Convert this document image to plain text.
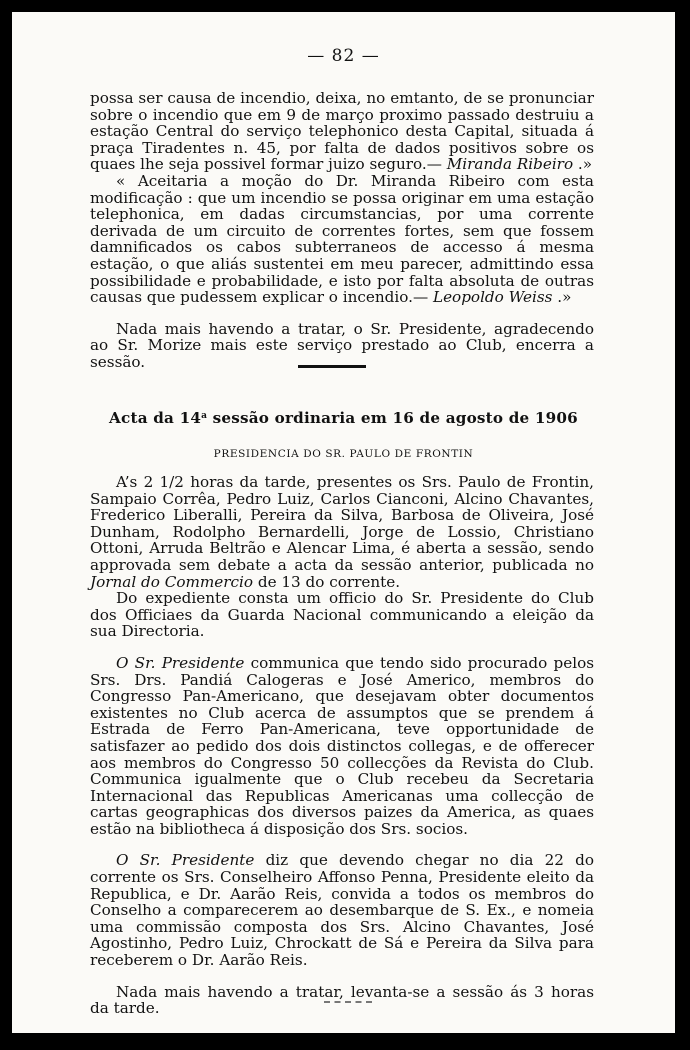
— 82 —

possa ser causa de incendio, deixa, no emtanto, de se pronunciar sobre o incendio que em 9 de março proximo passado destruiu a estação Central do serviço telephonico desta Capital, situada á praça Tiradentes n. 45, por falta de dados positivos sobre os quaes lhe seja possivel formar juizo seguro.— Miranda Ribeiro .»

« Aceitaria a moção do Dr. Miranda Ribeiro com esta modificação : que um incendio se possa originar em uma estação telephonica, em dadas circumstancias, por uma corrente derivada de um circuito de correntes fortes, sem que fossem damnificados os cabos subterraneos de accesso á mesma estação, o que aliás sustentei em meu parecer, admittindo essa possibilidade e probabilidade, e isto por falta absoluta de outras causas que pudessem explicar o incendio.— Leopoldo Weiss .»

Nada mais havendo a tratar, o Sr. Presidente, agradecendo ao Sr. Morize mais este serviço prestado ao Club, encerra a sessão.

Acta da 14$^a$ sessão ordinaria em 16 de agosto de 1906
PRESIDENCIA DO SR. PAULO DE FRONTIN

A’s 2 1/2 horas da tarde, presentes os Srs. Paulo de Frontin, Sampaio Corrêa, Pedro Luiz, Carlos Cianconi, Alcino Chavantes, Frederico Liberalli, Pereira da Silva, Barbosa de Oliveira, José Dunham, Rodolpho Bernardelli, Jorge de Lossio, Christiano Ottoni, Arruda Beltrão e Alencar Lima, é aberta a sessão, sendo approvada sem debate a acta da sessão anterior, publicada no Jornal do Commercio de 13 do corrente.

Do expediente consta um officio do Sr. Presidente do Club dos Officiaes da Guarda Nacional communicando a eleição da sua Directoria.

O Sr. Presidente communica que tendo sido procurado pelos Srs. Drs. Pandiá Calogeras e José Americo, membros do Congresso Pan-Americano, que desejavam obter documentos existentes no Club acerca de assumptos que se prendem á Estrada de Ferro Pan-Americana, teve opportunidade de satisfazer ao pedido dos dois distinctos collegas, e de offerecer aos membros do Congresso 50 collecções da Revista do Club. Communica igualmente que o Club recebeu da Secretaria Internacional das Republicas Americanas uma collecção de cartas geographicas dos diversos paizes da America, as quaes estão na bibliotheca á disposição dos Srs. socios.

O Sr. Presidente diz que devendo chegar no dia 22 do corrente os Srs. Conselheiro Affonso Penna, Presidente eleito da Republica, e Dr. Aarão Reis, convida a todos os membros do Conselho a comparecerem ao desembarque de S. Ex., e nomeia uma commissão composta dos Srs. Alcino Chavantes, José Agostinho, Pedro Luiz, Chrockatt de Sá e Pereira da Silva para receberem o Dr. Aarão Reis.

Nada mais havendo a tratar, levanta-se a sessão ás 3 horas da tarde.
